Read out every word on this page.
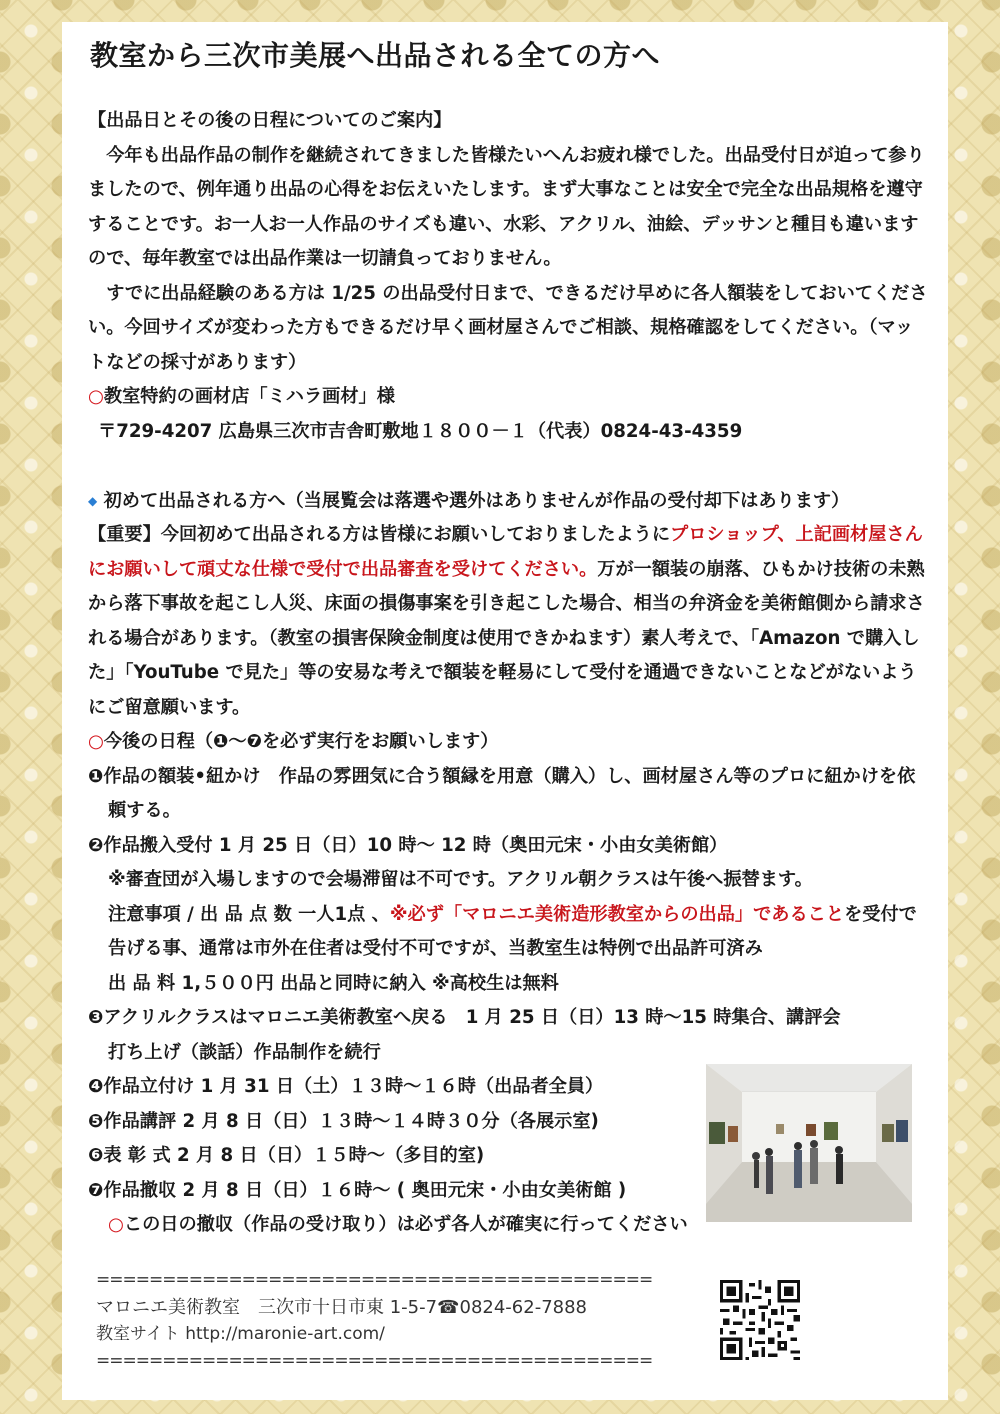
教室から三次市美展へ出品される全ての方へ

【出品日とその後の日程についてのご案内】

今年も出品作品の制作を継続されてきました皆様たいへんお疲れ様でした。出品受付日が迫って参りましたので、例年通り出品の心得をお伝えいたします。まず大事なことは安全で完全な出品規格を遵守することです。お一人お一人作品のサイズも違い、水彩、アクリル、油絵、デッサンと種目も違いますので、毎年教室では出品作業は一切請負っておりません。

すでに出品経験のある方は 1/25 の出品受付日まで、できるだけ早めに各人額装をしておいてください。今回サイズが変わった方もできるだけ早く画材屋さんでご相談、規格確認をしてください。（マットなどの採寸があります）

○教室特約の画材店「ミハラ画材」様

〒729-4207 広島県三次市吉舎町敷地１８００－１（代表）0824-43-4359

◆ 初めて出品される方へ（当展覧会は落選や選外はありませんが作品の受付却下はあります）

【重要】今回初めて出品される方は皆様にお願いしておりましたようにプロショップ、上記画材屋さんにお願いして頑丈な仕様で受付で出品審査を受けてください。万が一額装の崩落、ひもかけ技術の未熟から落下事故を起こし人災、床面の損傷事案を引き起こした場合、相当の弁済金を美術館側から請求される場合があります。（教室の損害保険金制度は使用できかねます）素人考えで、「Amazon で購入した」「YouTube で見た」等の安易な考えで額装を軽易にして受付を通過できないことなどがないようにご留意願います。

○今後の日程（❶～❼を必ず実行をお願いします）

❶作品の額装•紐かけ　作品の雰囲気に合う額縁を用意（購入）し、画材屋さん等のプロに紐かけを依頼する。

❷作品搬入受付 1 月 25 日（日）10 時～ 12 時（奥田元宋・小由女美術館）

※審査団が入場しますので会場滞留は不可です。アクリル朝クラスは午後へ振替ます。

注意事項 / 出 品 点 数 一人1点 、※必ず「マロニエ美術造形教室からの出品」であることを受付で告げる事、通常は市外在住者は受付不可ですが、当教室生は特例で出品許可済み

出 品 料 1,５００円 出品と同時に納入 ※高校生は無料

❸アクリルクラスはマロニエ美術教室へ戻る　1 月 25 日（日）13 時～15 時集合、講評会

打ち上げ（談話）作品制作を続行

❹作品立付け 1 月 31 日（土）１３時～１６時（出品者全員）

❺作品講評 2 月 8 日（日）１３時～１４時３０分（各展示室)

❻表 彰 式 2 月 8 日（日）１５時～（多目的室)

❼作品撤収 2 月 8 日（日）１６時～ ( 奥田元宋・小由女美術館 )

○この日の撤収（作品の受け取り）は必ず各人が確実に行ってください

==========================================
マロニエ美術教室　三次市十日市東 1-5-7☎0824-62-7888
教室サイト http://maronie-art.com/
==========================================
